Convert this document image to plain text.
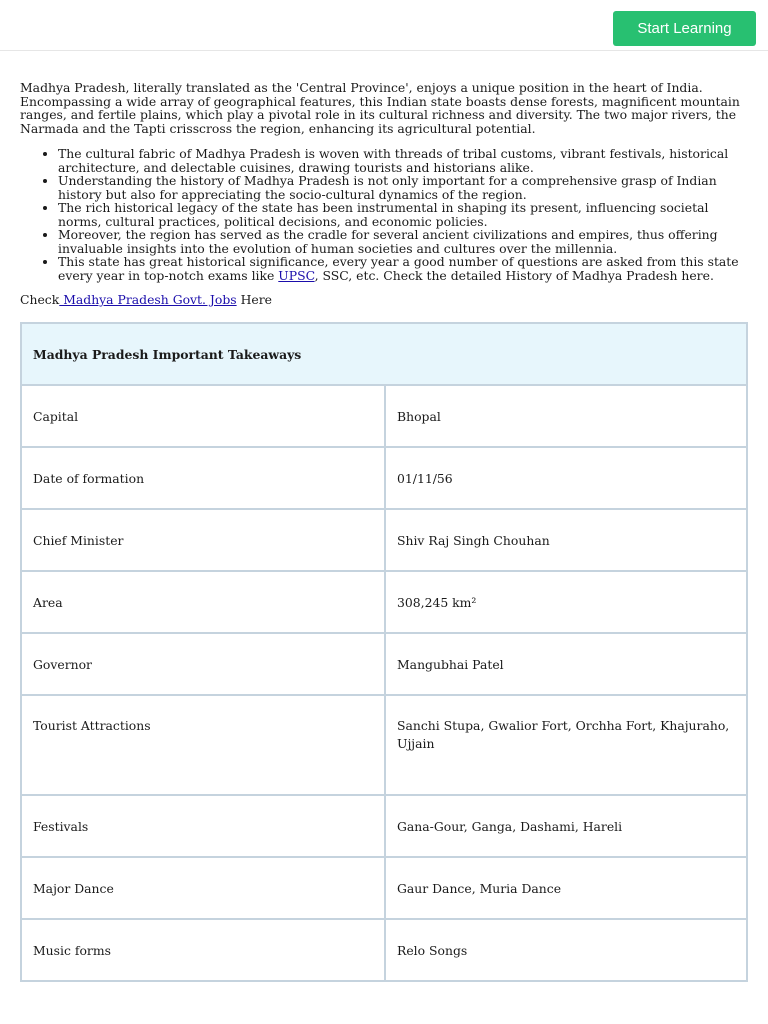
Start Learning

Madhya Pradesh, literally translated as the 'Central Province', enjoys a unique position in the heart of India. Encompassing a wide array of geographical features, this Indian state boasts dense forests, magnificent mountain ranges, and fertile plains, which play a pivotal role in its cultural richness and diversity. The two major rivers, the Narmada and the Tapti crisscross the region, enhancing its agricultural potential.

• The cultural fabric of Madhya Pradesh is woven with threads of tribal customs, vibrant festivals, historical architecture, and delectable cuisines, drawing tourists and historians alike.
• Understanding the history of Madhya Pradesh is not only important for a comprehensive grasp of Indian history but also for appreciating the socio-cultural dynamics of the region.
• The rich historical legacy of the state has been instrumental in shaping its present, influencing societal norms, cultural practices, political decisions, and economic policies.
• Moreover, the region has served as the cradle for several ancient civilizations and empires, thus offering invaluable insights into the evolution of human societies and cultures over the millennia.
• This state has great historical significance, every year a good number of questions are asked from this state every year in top-notch exams like UPSC, SSC, etc. Check the detailed History of Madhya Pradesh here.

Check Madhya Pradesh Govt. Jobs Here

Madhya Pradesh Important Takeaways	
Capital	Bhopal
Date of formation	01/11/56
Chief Minister	Shiv Raj Singh Chouhan
Area	308,245 km²
Governor	Mangubhai Patel
Tourist Attractions	Sanchi Stupa, Gwalior Fort, Orchha Fort, Khajuraho, Ujjain
Festivals	Gana-Gour, Ganga, Dashami, Hareli
Major Dance	Gaur Dance, Muria Dance
Music forms	Relo Songs
